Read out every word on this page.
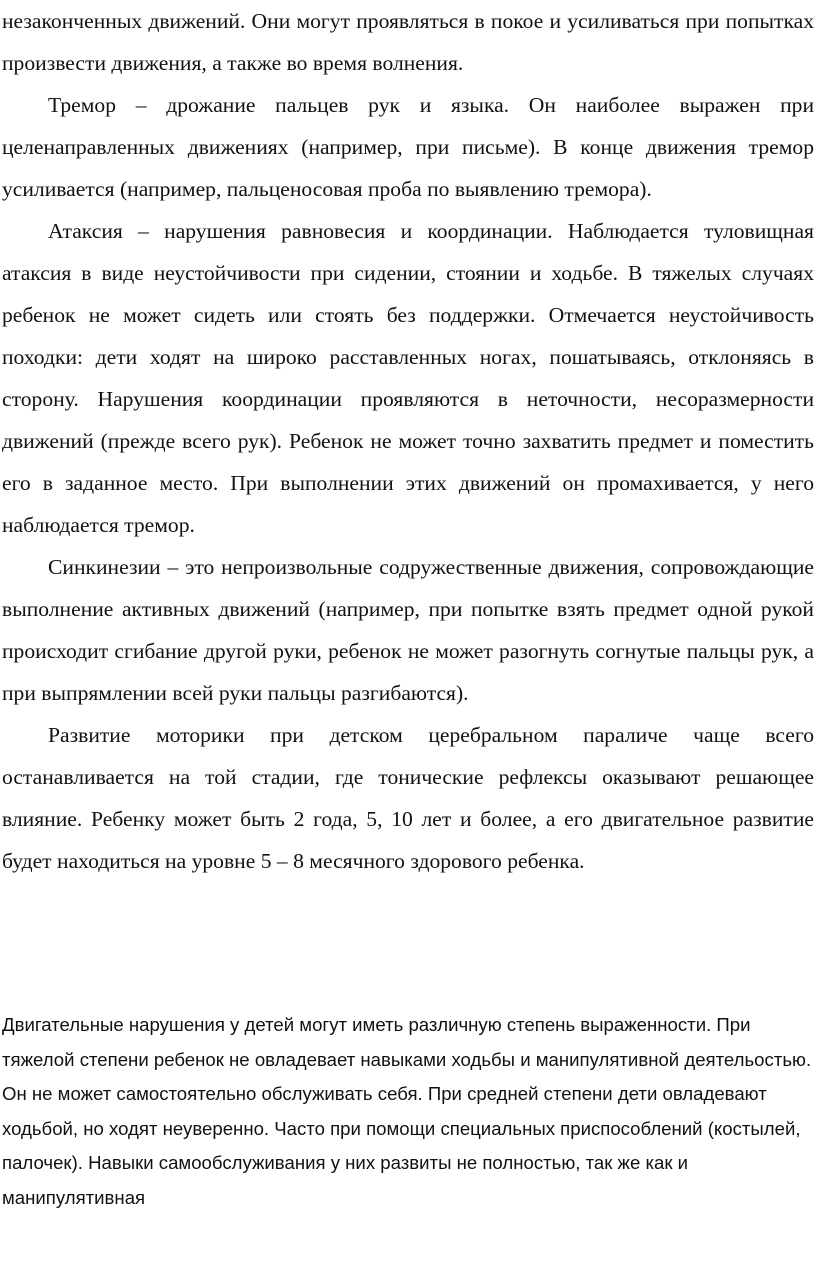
незаконченных движений. Они могут проявляться в покое и усиливаться при попытках произвести движения, а также во время волнения.

Тремор – дрожание пальцев рук и языка. Он наиболее выражен при целенаправленных движениях (например, при письме). В конце движения тремор усиливается (например, пальценосовая проба по выявлению тремора).

Атаксия – нарушения равновесия и координации. Наблюдается туловищная атаксия в виде неустойчивости при сидении, стоянии и ходьбе. В тяжелых случаях ребенок не может сидеть или стоять без поддержки. Отмечается неустойчивость походки: дети ходят на широко расставленных ногах, пошатываясь, отклоняясь в сторону. Нарушения координации проявляются в неточности, несоразмерности движений (прежде всего рук). Ребенок не может точно захватить предмет и поместить его в заданное место. При выполнении этих движений он промахивается, у него наблюдается тремор.

Синкинезии – это непроизвольные содружественные движения, сопровождающие выполнение активных движений (например, при попытке взять предмет одной рукой происходит сгибание другой руки, ребенок не может разогнуть согнутые пальцы рук, а при выпрямлении всей руки пальцы разгибаются).

Развитие моторики при детском церебральном параличе чаще всего останавливается на той стадии, где тонические рефлексы оказывают решающее влияние. Ребенку может быть 2 года, 5, 10 лет и более, а его двигательное развитие будет находиться на уровне 5 – 8 месячного здорового ребенка.

Двигательные нарушения у детей могут иметь различную степень выраженности. При тяжелой степени ребенок не овладевает навыками ходьбы и манипулятивной деятельостью. Он не может самостоятельно обслуживать себя. При средней степени дети овладевают ходьбой, но ходят неуверенно. Часто при помощи специальных приспособлений (костылей, палочек). Навыки самообслуживания у них развиты не полностью, так же как и манипулятивная
